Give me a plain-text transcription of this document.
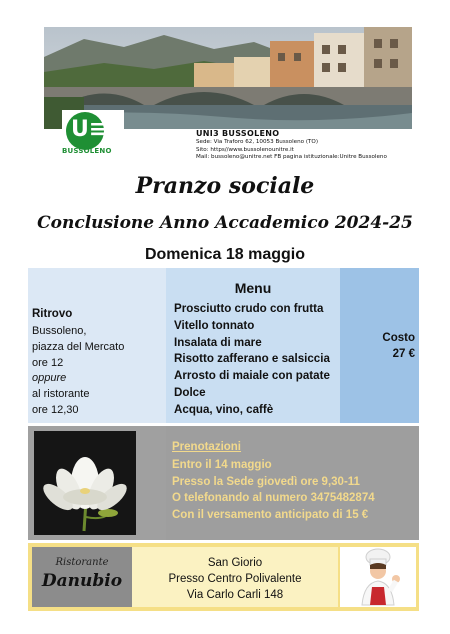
U≡
BUSSOLENO
UNI3 BUSSOLENO
Sede: Via Traforo 62, 10053 Bussoleno (TO)
Sito: https//www.bussolenounitre.it
Mail: bussoleno@unitre.net FB pagina istituzionale:Unitre Bussoleno
Pranzo sociale
Conclusione Anno Accademico 2024-25
Domenica 18 maggio
Ritrovo
Bussoleno,
piazza del Mercato
ore 12
oppure
al ristorante
ore 12,30
Menu
Prosciutto crudo con frutta
Vitello tonnato
Insalata di mare
Risotto zafferano e salsiccia
Arrosto di maiale con patate
Dolce
Acqua, vino, caffè
Costo
27 €
Prenotazioni
Entro il 14 maggio
Presso la Sede giovedì ore 9,30-11
O telefonando al numero 3475482874
Con il versamento anticipato di 15 €
Ristorante
Danubio
San Giorio
Presso Centro Polivalente
Via Carlo Carli 148
